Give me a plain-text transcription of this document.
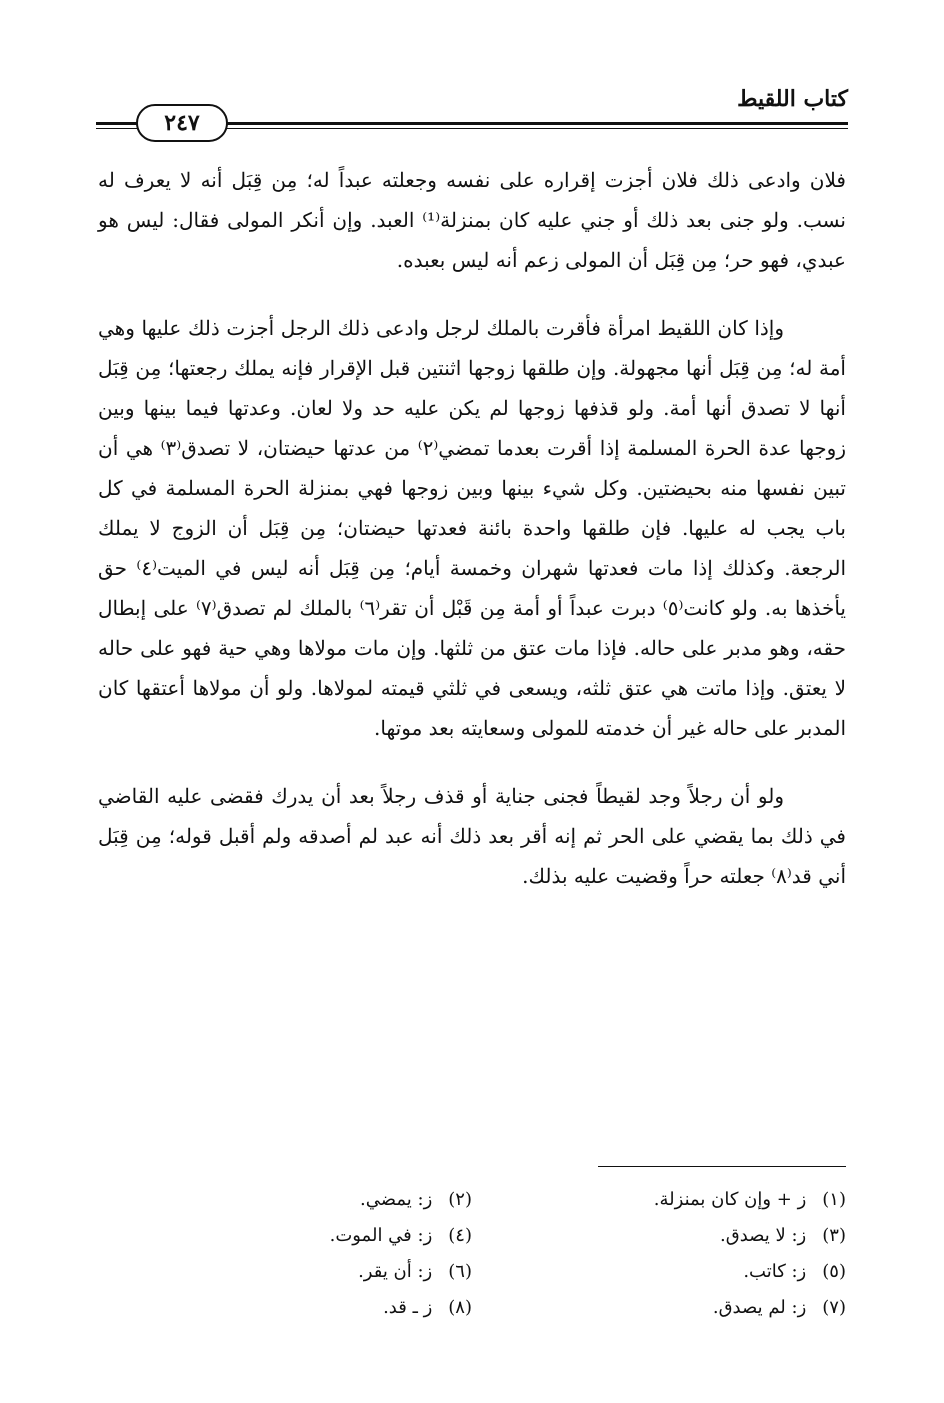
كتاب اللقيط
٢٤٧

فلان وادعى ذلك فلان أجزت إقراره على نفسه وجعلته عبداً له؛ مِن قِبَل أنه لا يعرف له نسب. ولو جنى بعد ذلك أو جني عليه كان بمنزلة⁽¹⁾ العبد. وإن أنكر المولى فقال: ليس هو عبدي، فهو حر؛ مِن قِبَل أن المولى زعم أنه ليس بعبده.

وإذا كان اللقيط امرأة فأقرت بالملك لرجل وادعى ذلك الرجل أجزت ذلك عليها وهي أمة له؛ مِن قِبَل أنها مجهولة. وإن طلقها زوجها اثنتين قبل الإقرار فإنه يملك رجعتها؛ مِن قِبَل أنها لا تصدق أنها أمة. ولو قذفها زوجها لم يكن عليه حد ولا لعان. وعدتها فيما بينها وبين زوجها عدة الحرة المسلمة إذا أقرت بعدما تمضي⁽٢⁾ من عدتها حيضتان، لا تصدق⁽٣⁾ هي أن تبين نفسها منه بحيضتين. وكل شيء بينها وبين زوجها فهي بمنزلة الحرة المسلمة في كل باب يجب له عليها. فإن طلقها واحدة بائنة فعدتها حيضتان؛ مِن قِبَل أن الزوج لا يملك الرجعة. وكذلك إذا مات فعدتها شهران وخمسة أيام؛ مِن قِبَل أنه ليس في الميت⁽٤⁾ حق يأخذها به. ولو كانت⁽٥⁾ دبرت عبداً أو أمة مِن قَبْل أن تقر⁽٦⁾ بالملك لم تصدق⁽٧⁾ على إبطال حقه، وهو مدبر على حاله. فإذا مات عتق من ثلثها. وإن مات مولاها وهي حية فهو على حاله لا يعتق. وإذا ماتت هي عتق ثلثه، ويسعى في ثلثي قيمته لمولاها. ولو أن مولاها أعتقها كان المدبر على حاله غير أن خدمته للمولى وسعايته بعد موتها.

ولو أن رجلاً وجد لقيطاً فجنى جناية أو قذف رجلاً بعد أن يدرك فقضى عليه القاضي في ذلك بما يقضي على الحر ثم إنه أقر بعد ذلك أنه عبد لم أصدقه ولم أقبل قوله؛ مِن قِبَل أني قد⁽٨⁾ جعلته حراً وقضيت عليه بذلك.

(١) ز + وإن كان بمنزلة.
(٢) ز: يمضي.
(٣) ز: لا يصدق.
(٤) ز: في الموت.
(٥) ز: كاتب.
(٦) ز: أن يقر.
(٧) ز: لم يصدق.
(٨) ز ـ قد.
